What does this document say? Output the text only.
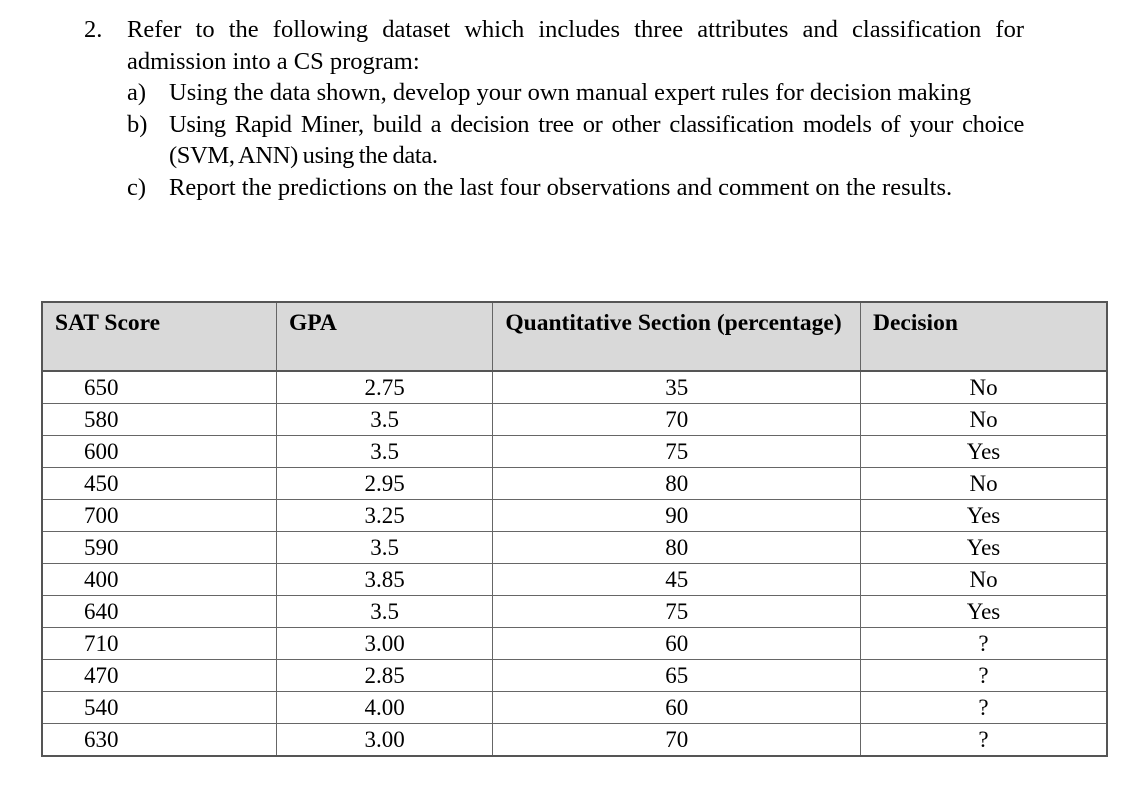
2.	Refer to the following dataset which includes three attributes and classification for admission into a CS program:
a) Using the data shown, develop your own manual expert rules for decision making
b) Using Rapid Miner, build a decision tree or other classification models of your choice (SVM, ANN) using the data.
c) Report the predictions on the last four observations and comment on the results.
SAT Score	GPA	Quantitative Section (percentage)	Decision
650	2.75	35	No
580	3.5	70	No
600	3.5	75	Yes
450	2.95	80	No
700	3.25	90	Yes
590	3.5	80	Yes
400	3.85	45	No
640	3.5	75	Yes
710	3.00	60	?
470	2.85	65	?
540	4.00	60	?
630	3.00	70	?
